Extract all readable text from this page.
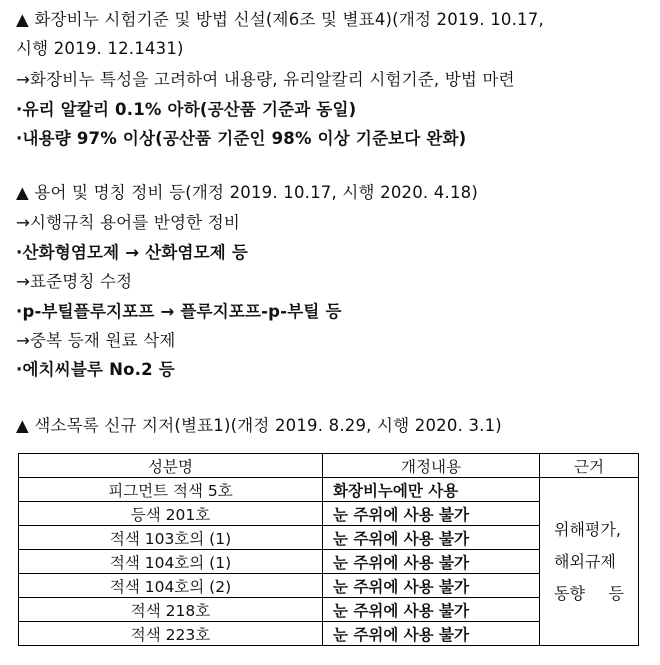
▲ 화장비누 시험기준 및 방법 신설(제6조 및 별표4)(개정 2019. 10.17,
시행 2019. 12.1431)
→화장비누 특성을 고려하여 내용량, 유리알칼리 시험기준, 방법 마련
·유리 알칼리 0.1% 아하(공산품 기준과 동일)
·내용량 97% 이상(공산품 기준인 98% 이상 기준보다 완화)
▲ 용어 및 명칭 정비 등(개정 2019. 10.17, 시행 2020. 4.18)
→시행규칙 용어를 반영한 정비
·산화형염모제 → 산화염모제 등
→표준명칭 수정
·p-부틸플루지포프 → 플루지포프-p-부틸 등
→중복 등재 원료 삭제
·에치씨블루 No.2 등
▲ 색소목록 신규 지저(별표1)(개정 2019. 8.29, 시행 2020. 3.1)
성분명	개정내용	근거
피그먼트 적색 5호	화장비누에만 사용	위해평가, 해외규제 동향 등
등색 201호	눈 주위에 사용 불가	
적색 103호의 (1)	눈 주위에 사용 불가	
적색 104호의 (1)	눈 주위에 사용 불가	
적색 104호의 (2)	눈 주위에 사용 불가	
적색 218호	눈 주위에 사용 불가	
적색 223호	눈 주위에 사용 불가	
